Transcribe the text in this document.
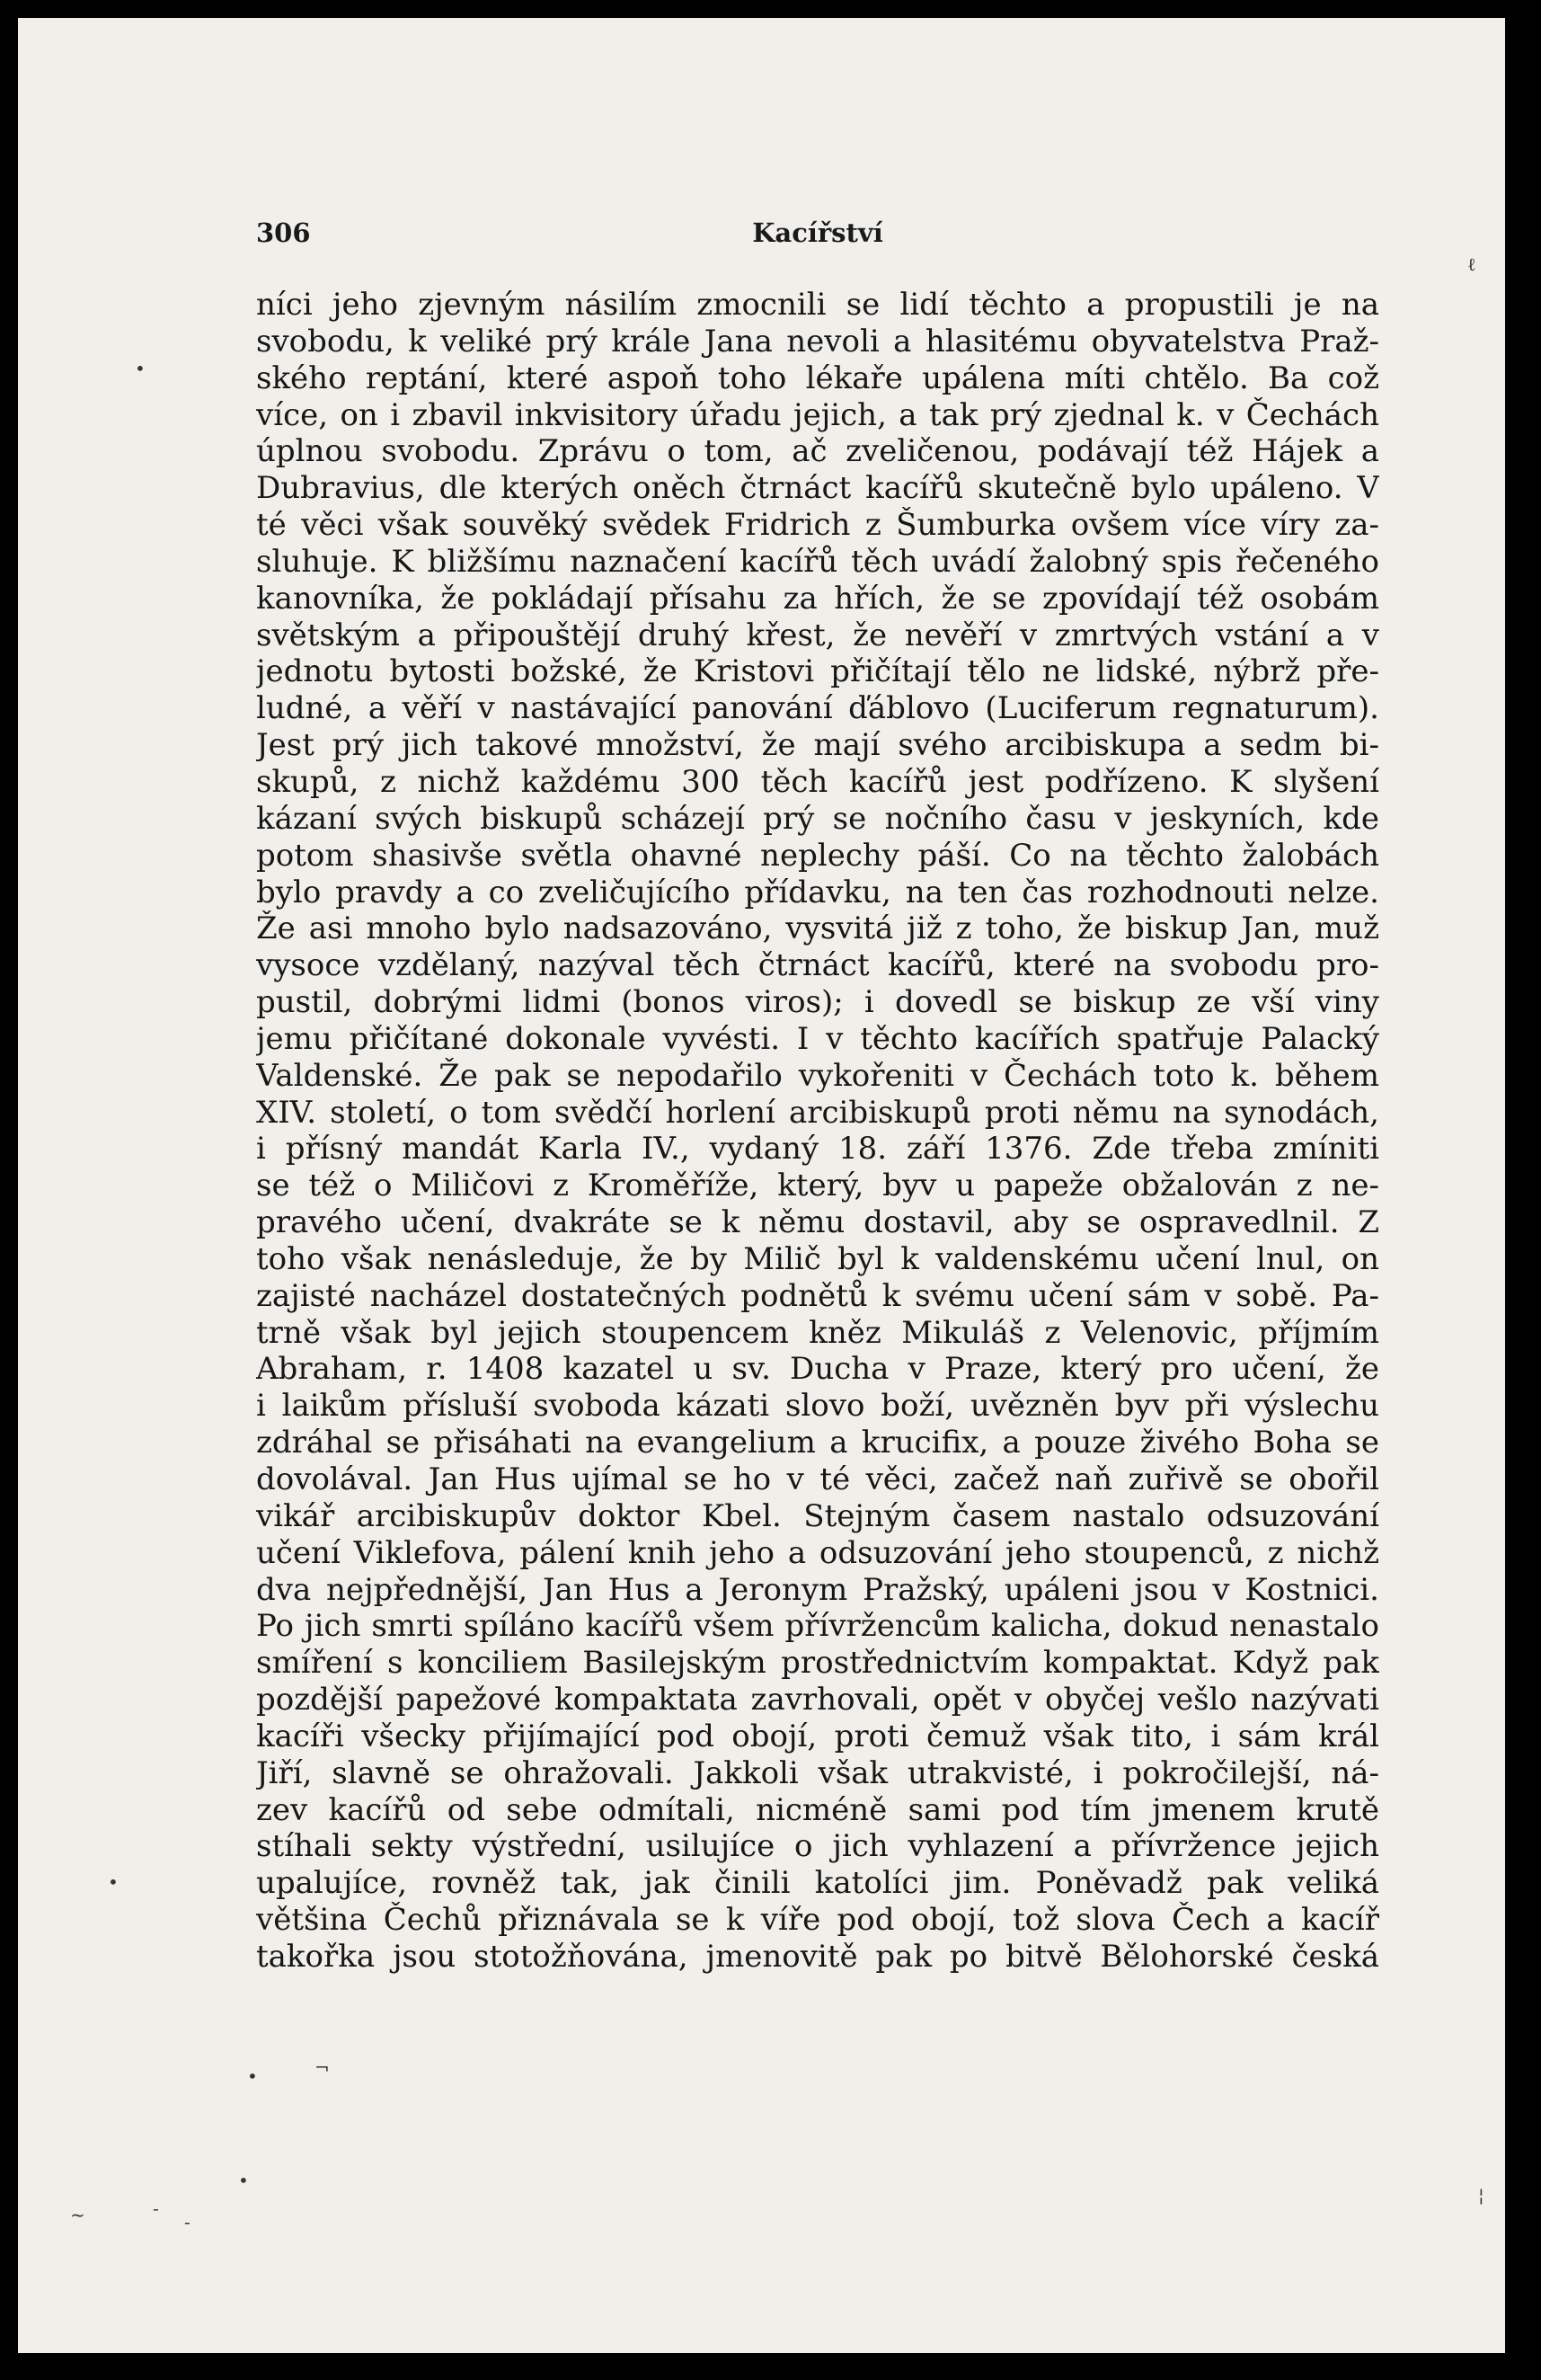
306	Kacířství
níci jeho zjevným násilím zmocnili se lidí těchto a propustili je na
svobodu, k veliké prý krále Jana nevoli a hlasitému obyvatelstva Praž-
ského reptání, které aspoň toho lékaře upálena míti chtělo. Ba což
více, on i zbavil inkvisitory úřadu jejich, a tak prý zjednal k. v Čechách
úplnou svobodu. Zprávu o tom, ač zveličenou, podávají též Hájek a
Dubravius, dle kterých oněch čtrnáct kacířů skutečně bylo upáleno. V
té věci však souvěký svědek Fridrich z Šumburka ovšem více víry za-
sluhuje. K bližšímu naznačení kacířů těch uvádí žalobný spis řečeného
kanovníka, že pokládají přísahu za hřích, že se zpovídají též osobám
světským a připouštějí druhý křest, že nevěří v zmrtvých vstání a v
jednotu bytosti božské, že Kristovi přičítají tělo ne lidské, nýbrž pře-
ludné, a věří v nastávající panování ďáblovo (Luciferum regnaturum).
Jest prý jich takové množství, že mají svého arcibiskupa a sedm bi-
skupů, z nichž každému 300 těch kacířů jest podřízeno. K slyšení
kázaní svých biskupů scházejí prý se nočního času v jeskyních, kde
potom shasivše světla ohavné neplechy páší. Co na těchto žalobách
bylo pravdy a co zveličujícího přídavku, na ten čas rozhodnouti nelze.
Že asi mnoho bylo nadsazováno, vysvitá již z toho, že biskup Jan, muž
vysoce vzdělaný, nazýval těch čtrnáct kacířů, které na svobodu pro-
pustil, dobrými lidmi (bonos viros); i dovedl se biskup ze vší viny
jemu přičítané dokonale vyvésti. I v těchto kacířích spatřuje Palacký
Valdenské. Že pak se nepodařilo vykořeniti v Čechách toto k. během
XIV. století, o tom svědčí horlení arcibiskupů proti němu na synodách,
i přísný mandát Karla IV., vydaný 18. září 1376. Zde třeba zmíniti
se též o Miličovi z Kroměříže, který, byv u papeže obžalován z ne-
pravého učení, dvakráte se k němu dostavil, aby se ospravedlnil. Z
toho však nenásleduje, že by Milič byl k valdenskému učení lnul, on
zajisté nacházel dostatečných podnětů k svému učení sám v sobě. Pa-
trně však byl jejich stoupencem kněz Mikuláš z Velenovic, příjmím
Abraham, r. 1408 kazatel u sv. Ducha v Praze, který pro učení, že
i laikům přísluší svoboda kázati slovo boží, uvězněn byv při výslechu
zdráhal se přisáhati na evangelium a krucifix, a pouze živého Boha se
dovolával. Jan Hus ujímal se ho v té věci, začež naň zuřivě se obořil
vikář arcibiskupův doktor Kbel. Stejným časem nastalo odsuzování
učení Viklefova, pálení knih jeho a odsuzování jeho stoupenců, z nichž
dva nejpřednější, Jan Hus a Jeronym Pražský, upáleni jsou v Kostnici.
Po jich smrti spíláno kacířů všem přívržencům kalicha, dokud nenastalo
smíření s konciliem Basilejským prostřednictvím kompaktat. Když pak
pozdější papežové kompaktata zavrhovali, opět v obyčej vešlo nazývati
kacíři všecky přijímající pod obojí, proti čemuž však tito, i sám král
Jiří, slavně se ohražovali. Jakkoli však utrakvisté, i pokročilejší, ná-
zev kacířů od sebe odmítali, nicméně sami pod tím jmenem krutě
stíhali sekty výstřední, usilujíce o jich vyhlazení a přívržence jejich
upalujíce, rovněž tak, jak činili katolíci jim. Poněvadž pak veliká
většina Čechů přiznávala se k víře pod obojí, tož slova Čech a kacíř
takořka jsou stotožňována, jmenovitě pak po bitvě Bělohorské česká
•
ℓ
•
•	¬
•
~	-
-
¦
